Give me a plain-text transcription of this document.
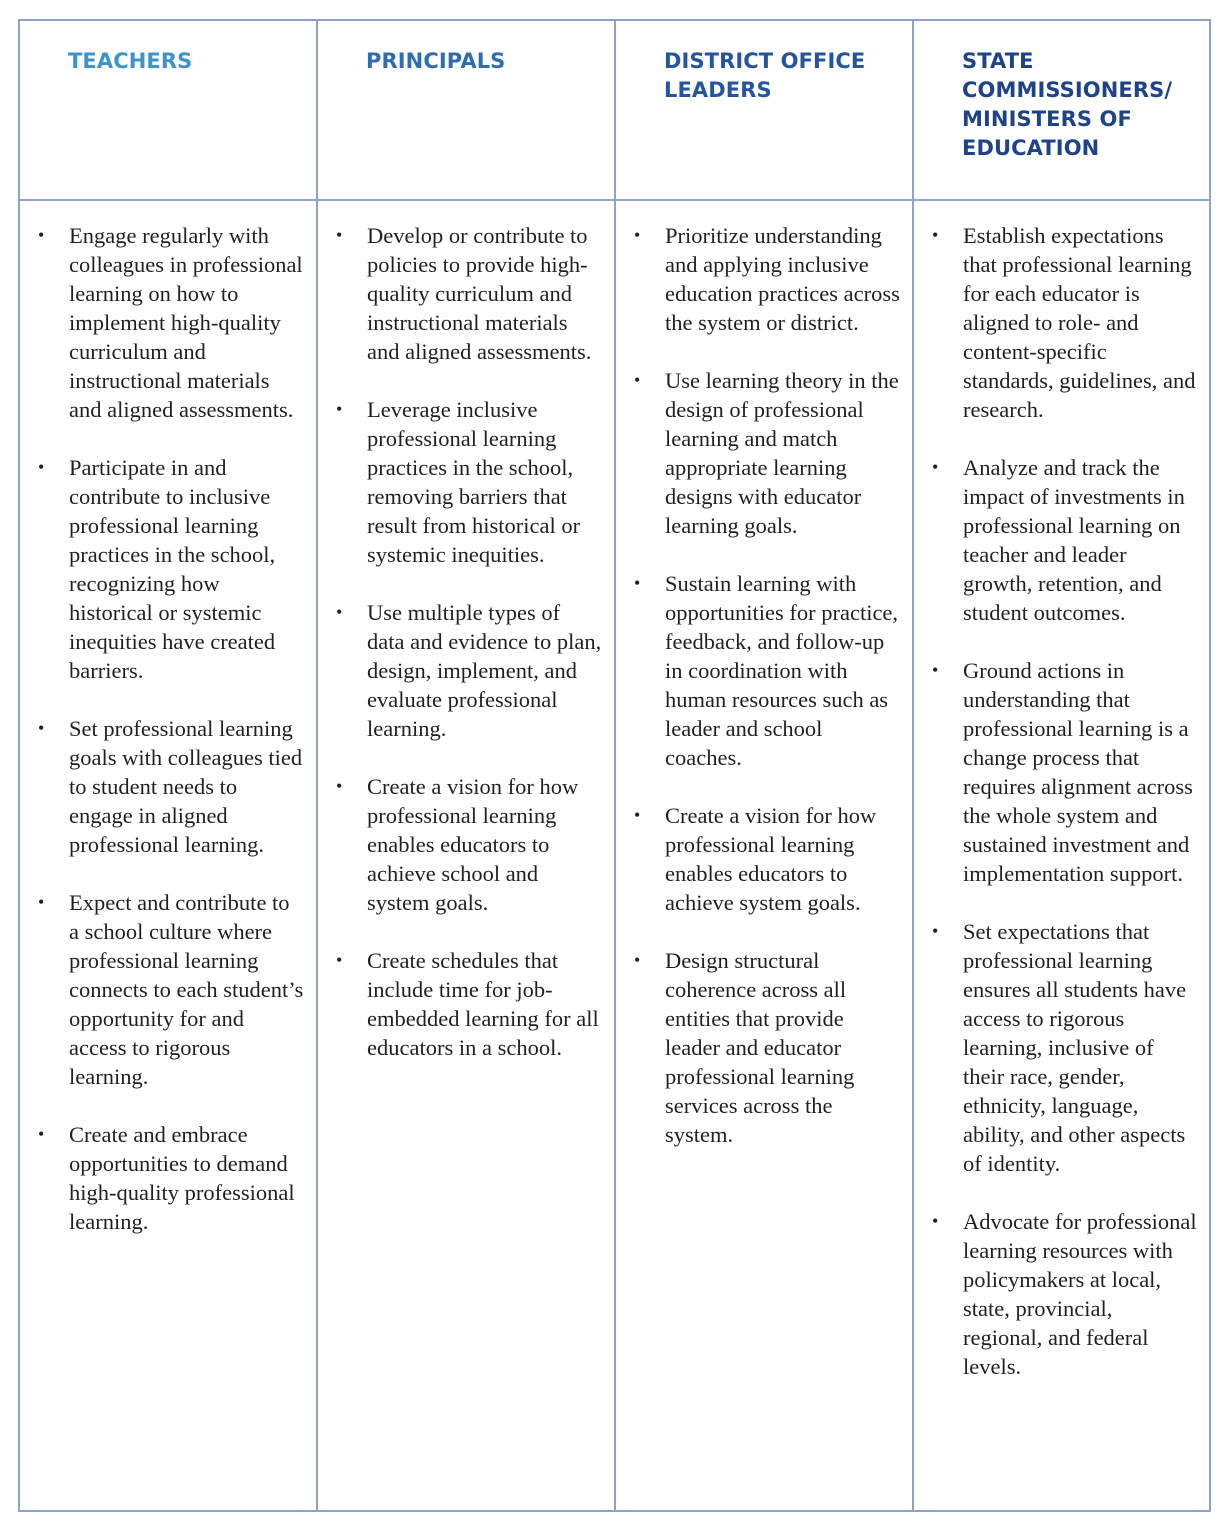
TEACHERS	PRINCIPALS	DISTRICT OFFICE LEADERS
STATE COMMISSIONERS/ MINISTERS OF EDUCATION
• Engage regularly with colleagues in professional learning on how to implement high-quality curriculum and instructional materials and aligned assessments.
• Participate in and contribute to inclusive professional learning practices in the school, recognizing how historical or systemic inequities have created barriers.
• Set professional learning goals with colleagues tied to student needs to engage in aligned professional learning.
• Expect and contribute to a school culture where professional learning connects to each student’s opportunity for and access to rigorous learning.
• Create and embrace opportunities to demand high-quality professional learning.
• Develop or contribute to policies to provide high-quality curriculum and instructional materials and aligned assessments.
• Leverage inclusive professional learning practices in the school, removing barriers that result from historical or systemic inequities.
• Use multiple types of data and evidence to plan, design, implement, and evaluate professional learning.
• Create a vision for how professional learning enables educators to achieve school and system goals.
• Create schedules that include time for job-embedded learning for all educators in a school.
• Prioritize understanding and applying inclusive education practices across the system or district.
• Use learning theory in the design of professional learning and match appropriate learning designs with educator learning goals.
• Sustain learning with opportunities for practice, feedback, and follow-up in coordination with human resources such as leader and school coaches.
• Create a vision for how professional learning enables educators to achieve system goals.
• Design structural coherence across all entities that provide leader and educator professional learning services across the system.
• Establish expectations that professional learning for each educator is aligned to role- and content-specific standards, guidelines, and research.
• Analyze and track the impact of investments in professional learning on teacher and leader growth, retention, and student outcomes.
• Ground actions in understanding that professional learning is a change process that requires alignment across the whole system and sustained investment and implementation support.
• Set expectations that professional learning ensures all students have access to rigorous learning, inclusive of their race, gender, ethnicity, language, ability, and other aspects of identity.
• Advocate for professional learning resources with policymakers at local, state, provincial, regional, and federal levels.
